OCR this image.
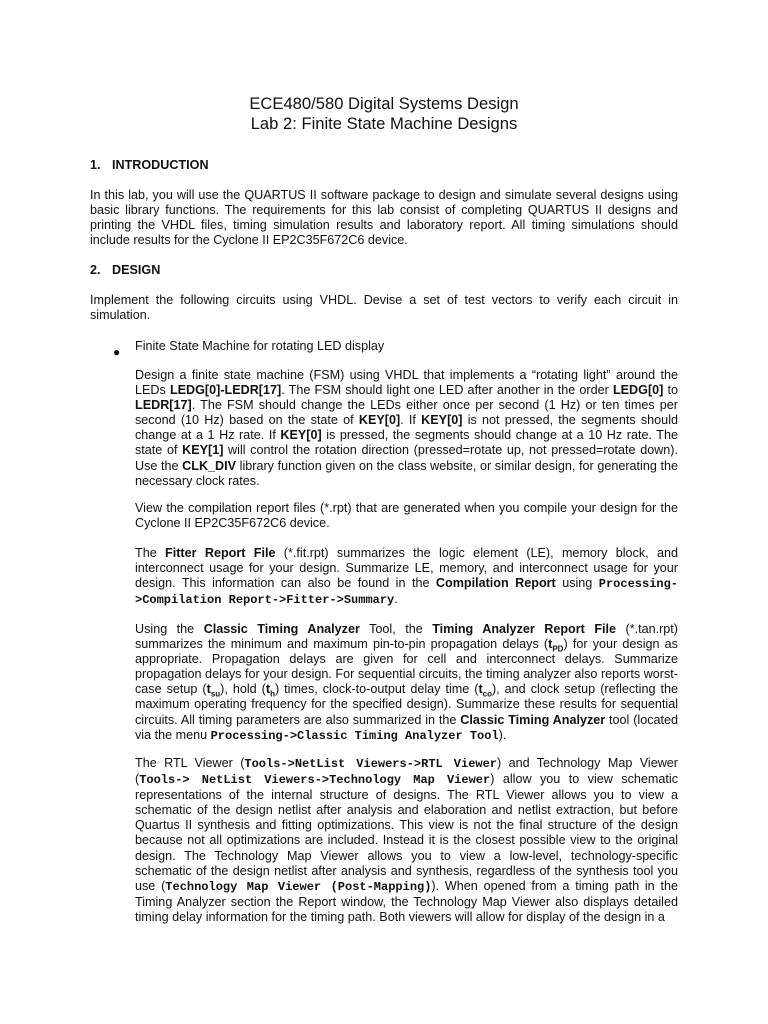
ECE480/580 Digital Systems Design
Lab 2: Finite State Machine Designs
1. INTRODUCTION
In this lab, you will use the QUARTUS II software package to design and simulate several designs using basic library functions. The requirements for this lab consist of completing QUARTUS II designs and printing the VHDL files, timing simulation results and laboratory report. All timing simulations should include results for the Cyclone II EP2C35F672C6 device.
2. DESIGN
Implement the following circuits using VHDL. Devise a set of test vectors to verify each circuit in simulation.
● Finite State Machine for rotating LED display
Design a finite state machine (FSM) using VHDL that implements a “rotating light” around the LEDs LEDG[0]-LEDR[17]. The FSM should light one LED after another in the order LEDG[0] to LEDR[17]. The FSM should change the LEDs either once per second (1 Hz) or ten times per second (10 Hz) based on the state of KEY[0]. If KEY[0] is not pressed, the segments should change at a 1 Hz rate. If KEY[0] is pressed, the segments should change at a 10 Hz rate. The state of KEY[1] will control the rotation direction (pressed=rotate up, not pressed=rotate down). Use the CLK_DIV library function given on the class website, or similar design, for generating the necessary clock rates.
View the compilation report files (*.rpt) that are generated when you compile your design for the Cyclone II EP2C35F672C6 device.
The Fitter Report File (*.fit.rpt) summarizes the logic element (LE), memory block, and interconnect usage for your design. Summarize LE, memory, and interconnect usage for your design. This information can also be found in the Compilation Report using Processing->Compilation Report->Fitter->Summary.
Using the Classic Timing Analyzer Tool, the Timing Analyzer Report File (*.tan.rpt) summarizes the minimum and maximum pin-to-pin propagation delays $(t_{PD})$ for your design as appropriate. Propagation delays are given for cell and interconnect delays. Summarize propagation delays for your design. For sequential circuits, the timing analyzer also reports worst-case setup $(t_{su})$, hold $(t_h)$ times, clock-to-output delay time $(t_{co})$, and clock setup (reflecting the maximum operating frequency for the specified design). Summarize these results for sequential circuits. All timing parameters are also summarized in the Classic Timing Analyzer tool (located via the menu Processing->Classic Timing Analyzer Tool).
The RTL Viewer (Tools->NetList Viewers->RTL Viewer) and Technology Map Viewer (Tools-> NetList Viewers->Technology Map Viewer) allow you to view schematic representations of the internal structure of designs. The RTL Viewer allows you to view a schematic of the design netlist after analysis and elaboration and netlist extraction, but before Quartus II synthesis and fitting optimizations. This view is not the final structure of the design because not all optimizations are included. Instead it is the closest possible view to the original design. The Technology Map Viewer allows you to view a low-level, technology-specific schematic of the design netlist after analysis and synthesis, regardless of the synthesis tool you use (Technology Map Viewer (Post-Mapping)). When opened from a timing path in the Timing Analyzer section the Report window, the Technology Map Viewer also displays detailed timing delay information for the timing path. Both viewers will allow for display of the design in a
